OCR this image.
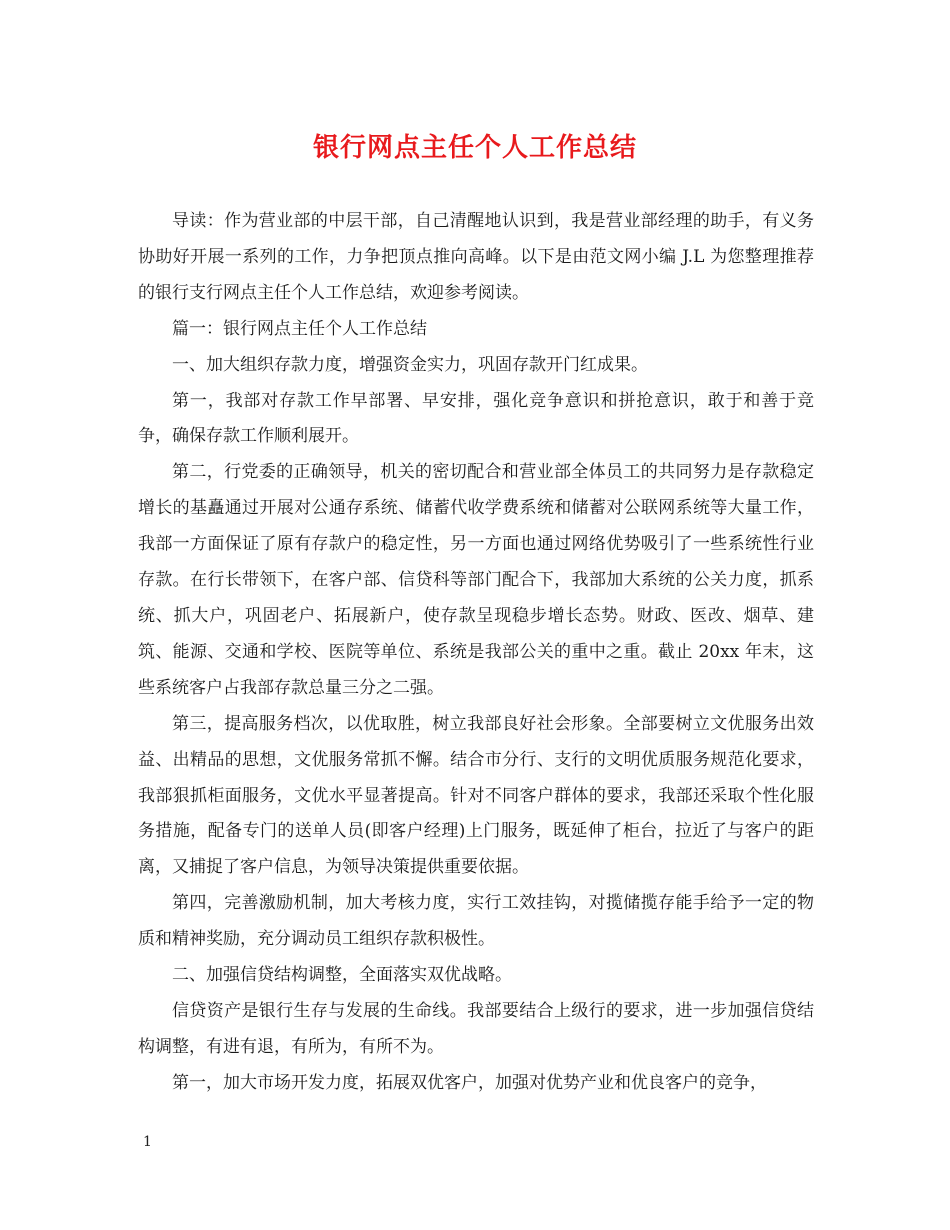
银行网点主任个人工作总结

导读：作为营业部的中层干部，自己清醒地认识到，我是营业部经理的助手，有义务协助好开展一系列的工作，力争把顶点推向高峰。以下是由范文网小编 J.L 为您整理推荐的银行支行网点主任个人工作总结，欢迎参考阅读。

篇一：银行网点主任个人工作总结

一、加大组织存款力度，增强资金实力，巩固存款开门红成果。

第一，我部对存款工作早部署、早安排，强化竞争意识和拼抢意识，敢于和善于竞争，确保存款工作顺利展开。

第二，行党委的正确领导，机关的密切配合和营业部全体员工的共同努力是存款稳定增长的基矗通过开展对公通存系统、储蓄代收学费系统和储蓄对公联网系统等大量工作，我部一方面保证了原有存款户的稳定性，另一方面也通过网络优势吸引了一些系统性行业存款。在行长带领下，在客户部、信贷科等部门配合下，我部加大系统的公关力度，抓系统、抓大户，巩固老户、拓展新户，使存款呈现稳步增长态势。财政、医改、烟草、建筑、能源、交通和学校、医院等单位、系统是我部公关的重中之重。截止 20xx 年末，这些系统客户占我部存款总量三分之二强。

第三，提高服务档次，以优取胜，树立我部良好社会形象。全部要树立文优服务出效益、出精品的思想，文优服务常抓不懈。结合市分行、支行的文明优质服务规范化要求，我部狠抓柜面服务，文优水平显著提高。针对不同客户群体的要求，我部还采取个性化服务措施，配备专门的送单人员(即客户经理)上门服务，既延伸了柜台，拉近了与客户的距离，又捕捉了客户信息，为领导决策提供重要依据。

第四，完善激励机制，加大考核力度，实行工效挂钩，对揽储揽存能手给予一定的物质和精神奖励，充分调动员工组织存款积极性。

二、加强信贷结构调整，全面落实双优战略。

信贷资产是银行生存与发展的生命线。我部要结合上级行的要求，进一步加强信贷结构调整，有进有退，有所为，有所不为。

第一，加大市场开发力度，拓展双优客户，加强对优势产业和优良客户的竞争，

1
